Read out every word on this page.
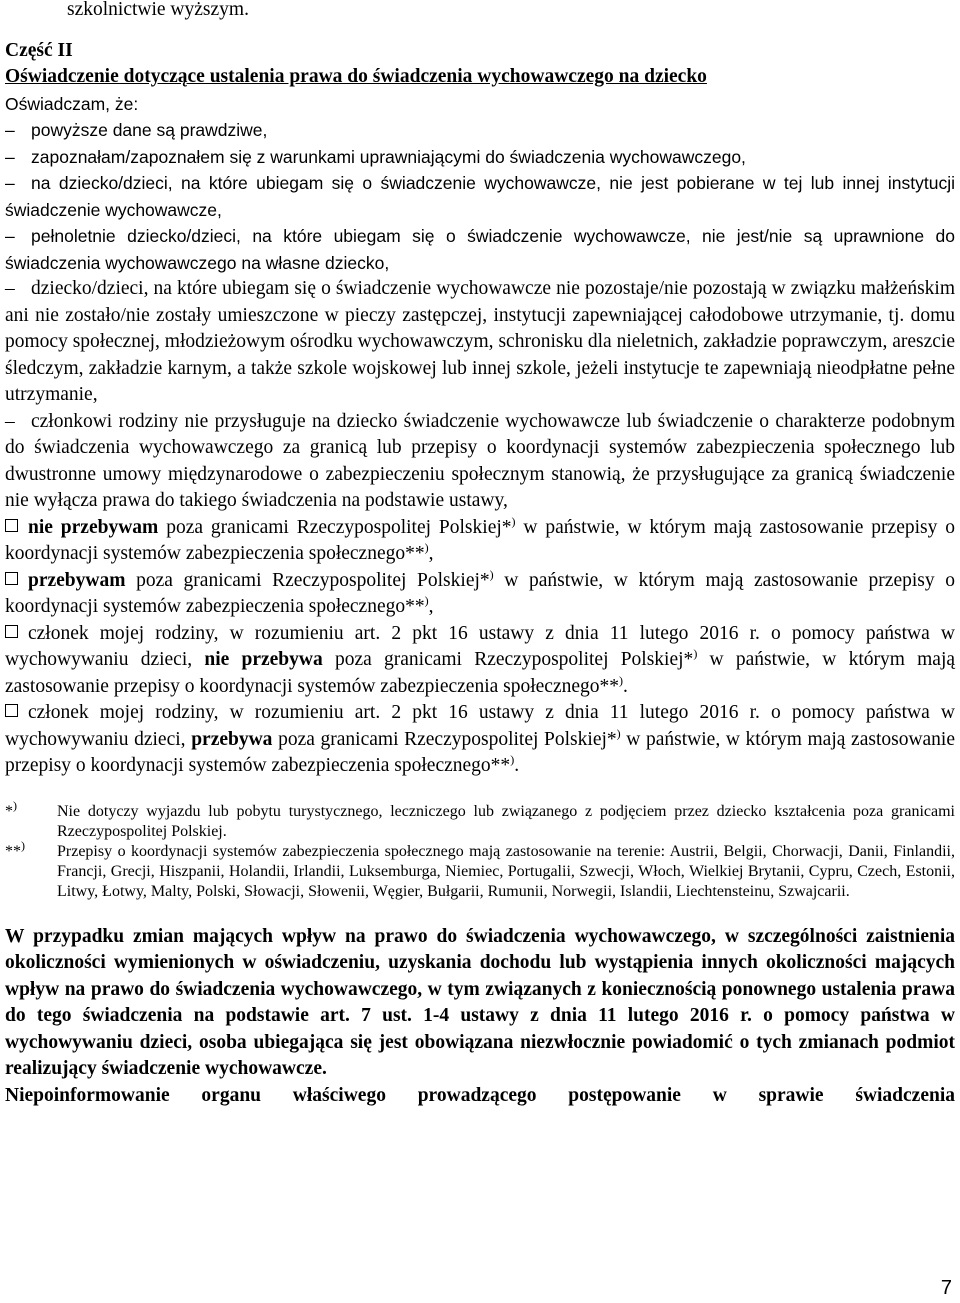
szkolnictwie wyższym.

Część II

Oświadczenie dotyczące ustalenia prawa do świadczenia wychowawczego na dziecko

Oświadczam, że:

– powyższe dane są prawdziwe,
– zapoznałam/zapoznałem się z warunkami uprawniającymi do świadczenia wychowawczego,
– na dziecko/dzieci, na które ubiegam się o świadczenie wychowawcze, nie jest pobierane w tej lub innej instytucji świadczenie wychowawcze,
– pełnoletnie dziecko/dzieci, na które ubiegam się o świadczenie wychowawcze, nie jest/nie są uprawnione do świadczenia wychowawczego na własne dziecko,

– dziecko/dzieci, na które ubiegam się o świadczenie wychowawcze nie pozostaje/nie pozostają w związku małżeńskim ani nie zostało/nie zostały umieszczone w pieczy zastępczej, instytucji zapewniającej całodobowe utrzymanie, tj. domu pomocy społecznej, młodzieżowym ośrodku wychowawczym, schronisku dla nieletnich, zakładzie poprawczym, areszcie śledczym, zakładzie karnym, a także szkole wojskowej lub innej szkole, jeżeli instytucje te zapewniają nieodpłatne pełne utrzymanie,

– członkowi rodziny nie przysługuje na dziecko świadczenie wychowawcze lub świadczenie o charakterze podobnym do świadczenia wychowawczego za granicą lub przepisy o koordynacji systemów zabezpieczenia społecznego lub dwustronne umowy międzynarodowe o zabezpieczeniu społecznym stanowią, że przysługujące za granicą świadczenie nie wyłącza prawa do takiego świadczenia na podstawie ustawy,

nie przebywam poza granicami Rzeczypospolitej Polskiej*) w państwie, w którym mają zastosowanie przepisy o koordynacji systemów zabezpieczenia społecznego**),

przebywam poza granicami Rzeczypospolitej Polskiej*) w państwie, w którym mają zastosowanie przepisy o koordynacji systemów zabezpieczenia społecznego**),

członek mojej rodziny, w rozumieniu art. 2 pkt 16 ustawy z dnia 11 lutego 2016 r. o pomocy państwa w wychowywaniu dzieci, nie przebywa poza granicami Rzeczypospolitej Polskiej*) w państwie, w którym mają zastosowanie przepisy o koordynacji systemów zabezpieczenia społecznego**).

członek mojej rodziny, w rozumieniu art. 2 pkt 16 ustawy z dnia 11 lutego 2016 r. o pomocy państwa w wychowywaniu dzieci, przebywa poza granicami Rzeczypospolitej Polskiej*) w państwie, w którym mają zastosowanie przepisy o koordynacji systemów zabezpieczenia społecznego**).

*)	Nie dotyczy wyjazdu lub pobytu turystycznego, leczniczego lub związanego z podjęciem przez dziecko kształcenia poza granicami Rzeczypospolitej Polskiej.
**)	Przepisy o koordynacji systemów zabezpieczenia społecznego mają zastosowanie na terenie: Austrii, Belgii, Chorwacji, Danii, Finlandii, Francji, Grecji, Hiszpanii, Holandii, Irlandii, Luksemburga, Niemiec, Portugalii, Szwecji, Włoch, Wielkiej Brytanii, Cypru, Czech, Estonii, Litwy, Łotwy, Malty, Polski, Słowacji, Słowenii, Węgier, Bułgarii, Rumunii, Norwegii, Islandii, Liechtensteinu, Szwajcarii.

W przypadku zmian mających wpływ na prawo do świadczenia wychowawczego, w szczególności zaistnienia okoliczności wymienionych w oświadczeniu, uzyskania dochodu lub wystąpienia innych okoliczności mających wpływ na prawo do świadczenia wychowawczego, w tym związanych z koniecznością ponownego ustalenia prawa do tego świadczenia na podstawie art. 7 ust. 1-4 ustawy z dnia 11 lutego 2016 r. o pomocy państwa w wychowywaniu dzieci, osoba ubiegająca się jest obowiązana niezwłocznie powiadomić o tych zmianach podmiot realizujący świadczenie wychowawcze.

Niepoinformowanie organu właściwego prowadzącego postępowanie w sprawie świadczenia

7
